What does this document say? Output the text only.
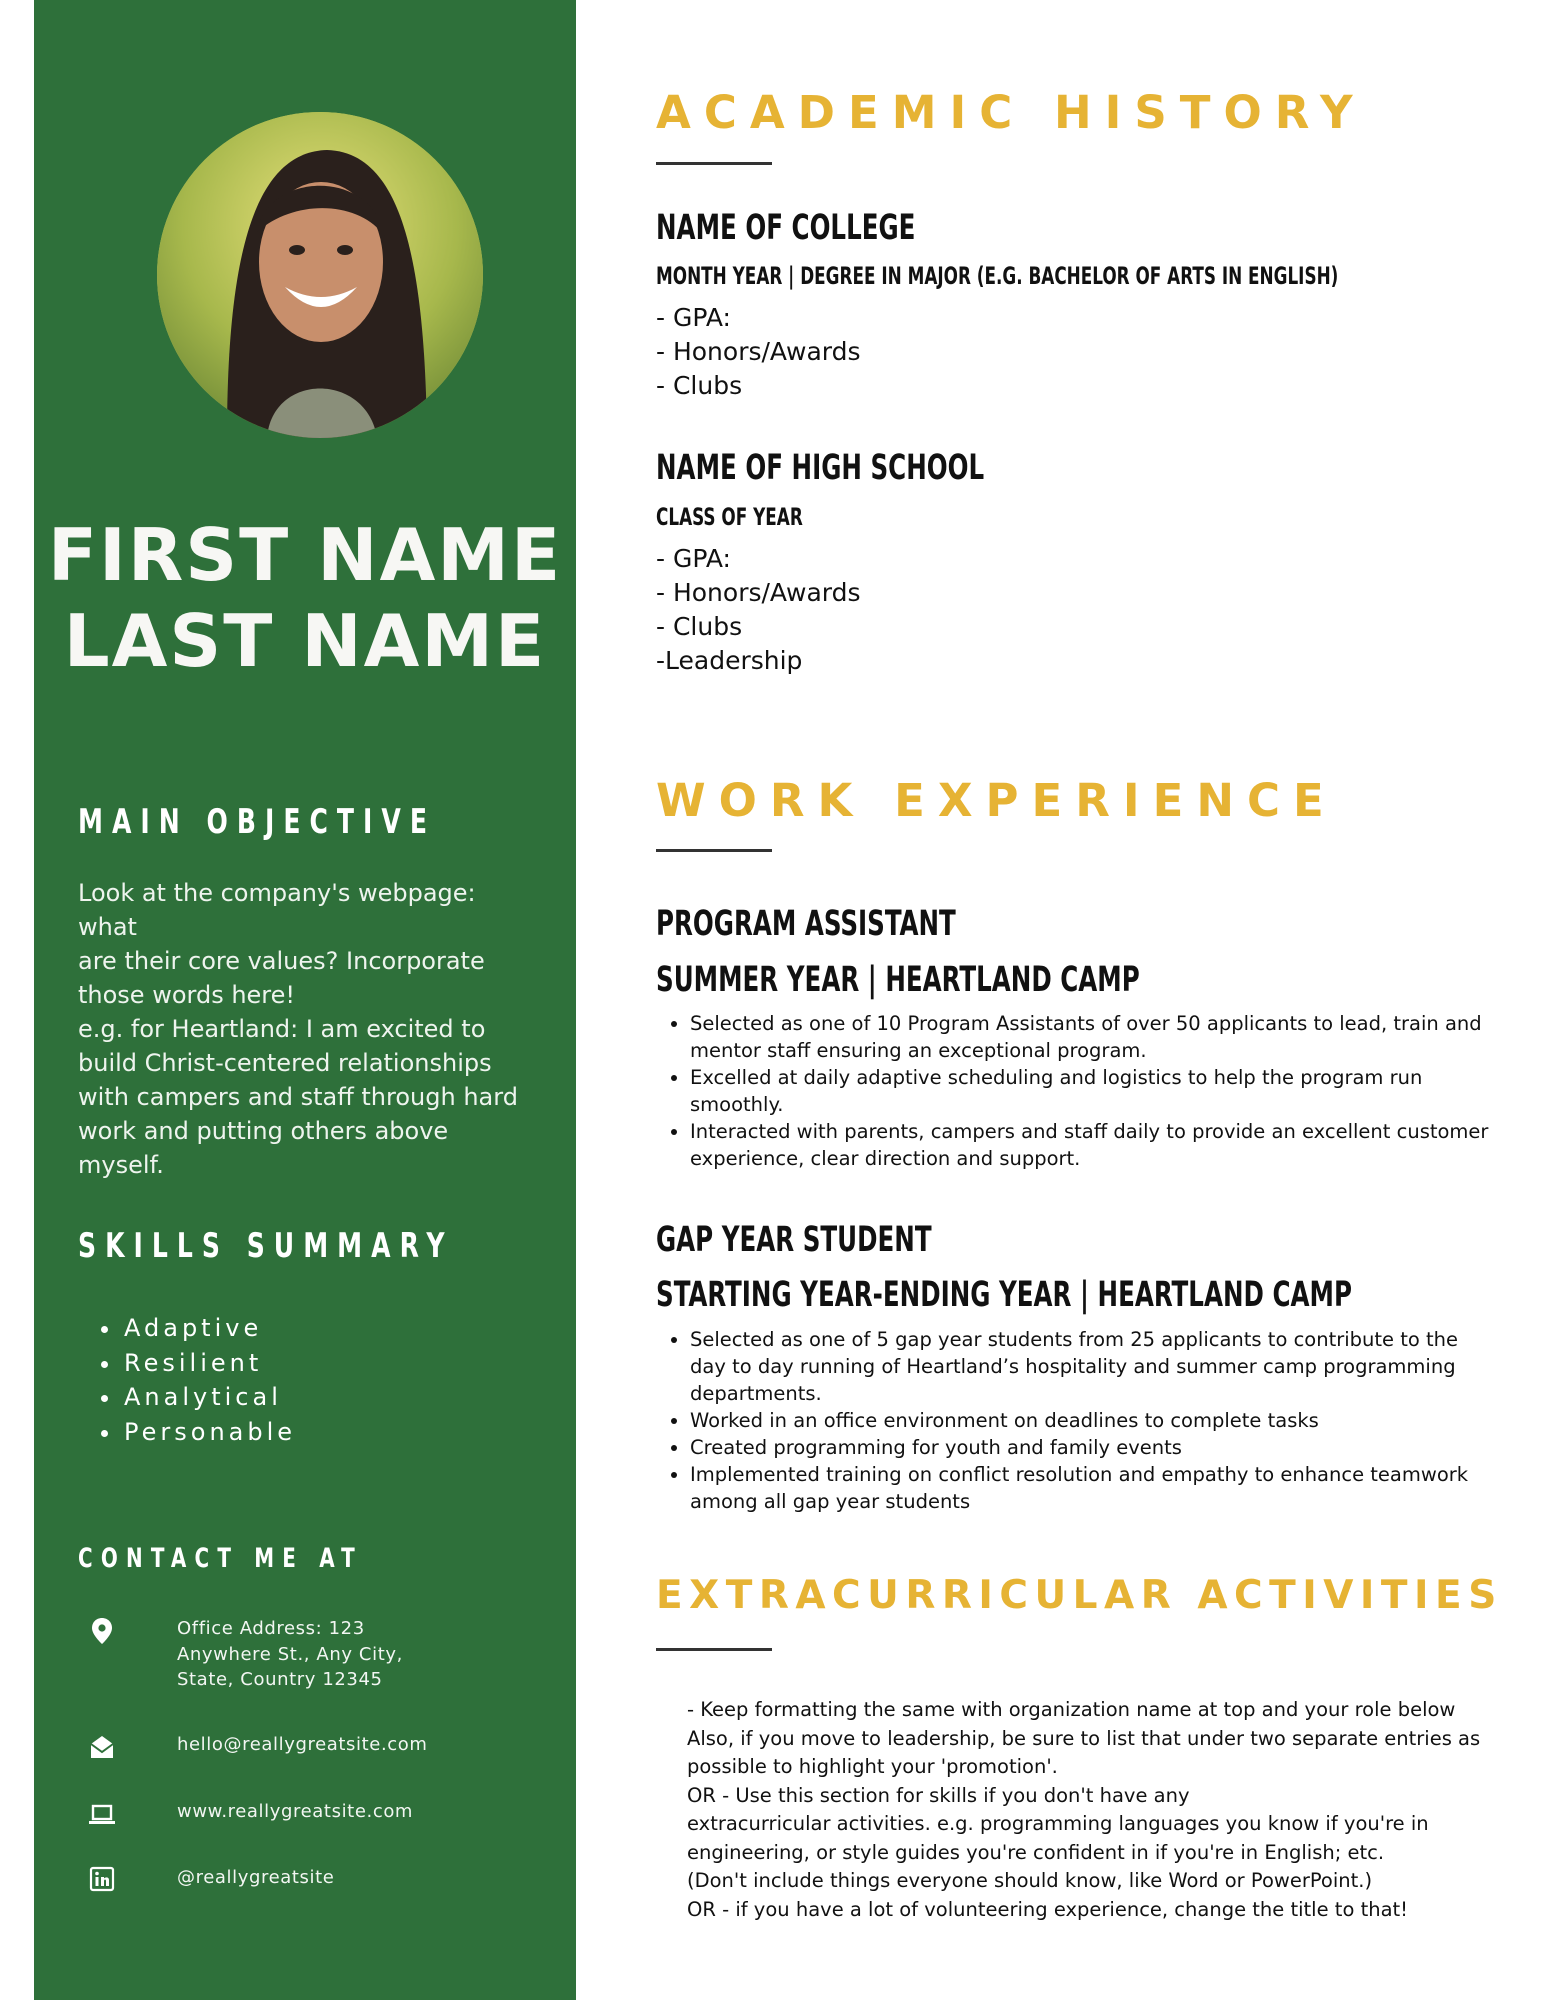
FIRST NAME
LAST NAME
MAIN OBJECTIVE

Look at the company's webpage: what

are their core values? Incorporate

those words here!

e.g. for Heartland: I am excited to

build Christ-centered relationships

with campers and staff through hard

work and putting others above

myself.

SKILLS SUMMARY
• Adaptive
• Resilient
• Analytical
• Personable
CONTACT ME AT
Office Address: 123
Anywhere St., Any City,
State, Country 12345
hello@reallygreatsite.com
www.reallygreatsite.com
@reallygreatsite
ACADEMIC HISTORY
NAME OF COLLEGE
MONTH YEAR | DEGREE IN MAJOR (E.G. BACHELOR OF ARTS IN ENGLISH)
- GPA:
- Honors/Awards
- Clubs
NAME OF HIGH SCHOOL
CLASS OF YEAR
- GPA:
- Honors/Awards
- Clubs
-Leadership
WORK EXPERIENCE
PROGRAM ASSISTANT
SUMMER YEAR | HEARTLAND CAMP
• Selected as one of 10 Program Assistants of over 50 applicants to lead, train and mentor staff ensuring an exceptional program.
• Excelled at daily adaptive scheduling and logistics to help the program run smoothly.
• Interacted with parents, campers and staff daily to provide an excellent customer experience, clear direction and support.
GAP YEAR STUDENT
STARTING YEAR-ENDING YEAR | HEARTLAND CAMP
• Selected as one of 5 gap year students from 25 applicants to contribute to the day to day running of Heartland’s hospitality and summer camp programming departments.
• Worked in an office environment on deadlines to complete tasks
• Created programming for youth and family events
• Implemented training on conflict resolution and empathy to enhance teamwork among all gap year students
EXTRACURRICULAR ACTIVITIES
- Keep formatting the same with organization name at top and your role below
Also, if you move to leadership, be sure to list that under two separate entries as
possible to highlight your 'promotion'.
OR - Use this section for skills if you don't have any
extracurricular activities. e.g. programming languages you know if you're in
engineering, or style guides you're confident in if you're in English; etc.
(Don't include things everyone should know, like Word or PowerPoint.)
OR - if you have a lot of volunteering experience, change the title to that!
